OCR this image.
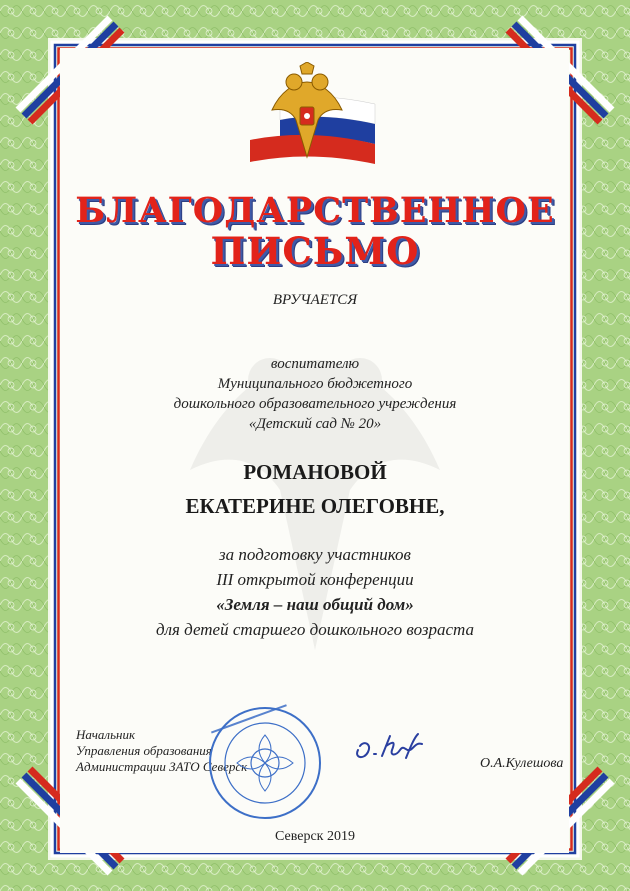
БЛАГОДАРСТВЕННОЕ
ПИСЬМО
ВРУЧАЕТСЯ
воспитателю
Муниципального бюджетного
дошкольного образовательного учреждения
«Детский сад № 20»
РОМАНОВОЙ
ЕКАТЕРИНЕ ОЛЕГОВНЕ,
за подготовку участников
III открытой конференции
«Земля – наш общий дом»
для детей старшего дошкольного возраста
Начальник
Управления образования
Администрации ЗАТО Северск	О.А.Кулешова
Северск 2019
